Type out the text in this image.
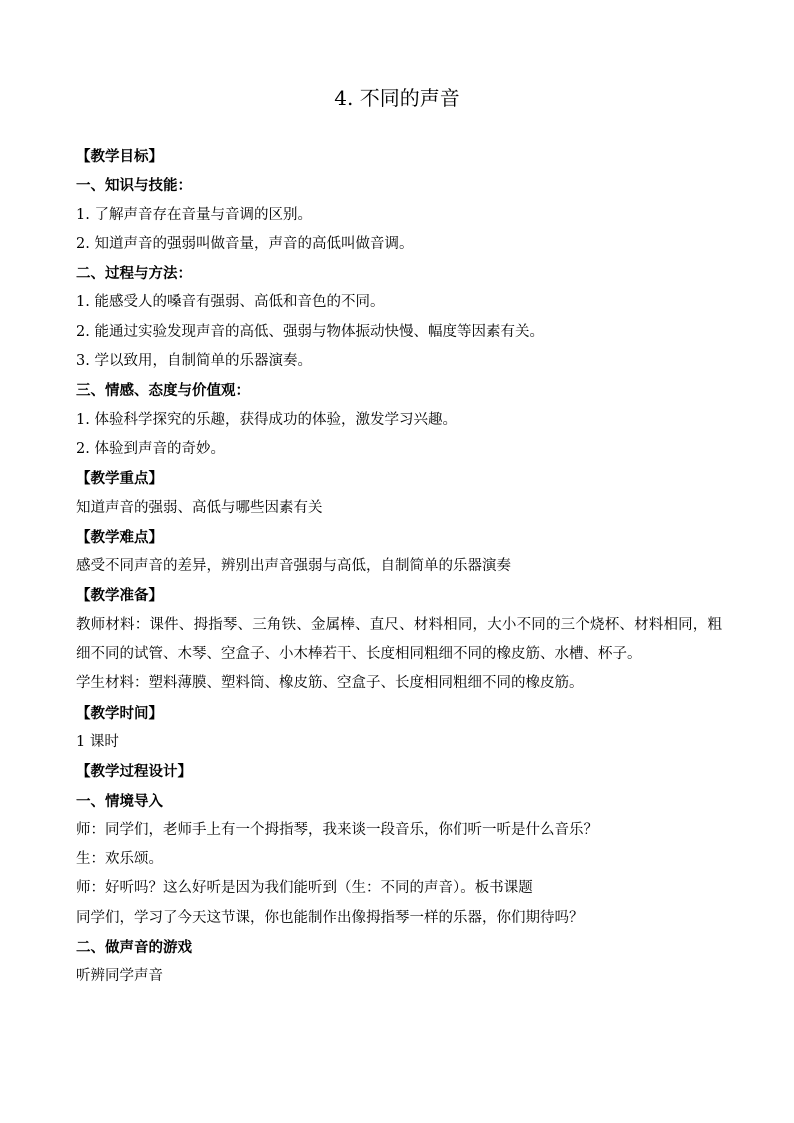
4. 不同的声音

【教学目标】

一、知识与技能：

1. 了解声音存在音量与音调的区别。

2. 知道声音的强弱叫做音量，声音的高低叫做音调。

二、过程与方法：

1. 能感受人的嗓音有强弱、高低和音色的不同。

2. 能通过实验发现声音的高低、强弱与物体振动快慢、幅度等因素有关。

3. 学以致用，自制简单的乐器演奏。

三、情感、态度与价值观：

1. 体验科学探究的乐趣，获得成功的体验，激发学习兴趣。

2. 体验到声音的奇妙。

【教学重点】

知道声音的强弱、高低与哪些因素有关

【教学难点】

感受不同声音的差异，辨别出声音强弱与高低，自制简单的乐器演奏

【教学准备】

教师材料：课件、拇指琴、三角铁、金属棒、直尺、材料相同，大小不同的三个烧杯、材料相同，粗细不同的试管、木琴、空盒子、小木棒若干、长度相同粗细不同的橡皮筋、水槽、杯子。

学生材料：塑料薄膜、塑料筒、橡皮筋、空盒子、长度相同粗细不同的橡皮筋。

【教学时间】

1 课时

【教学过程设计】

一、情境导入

师：同学们，老师手上有一个拇指琴，我来谈一段音乐，你们听一听是什么音乐？

生：欢乐颂。

师：好听吗？这么好听是因为我们能听到（生：不同的声音）。板书课题

同学们，学习了今天这节课，你也能制作出像拇指琴一样的乐器，你们期待吗？

二、做声音的游戏

听辨同学声音
